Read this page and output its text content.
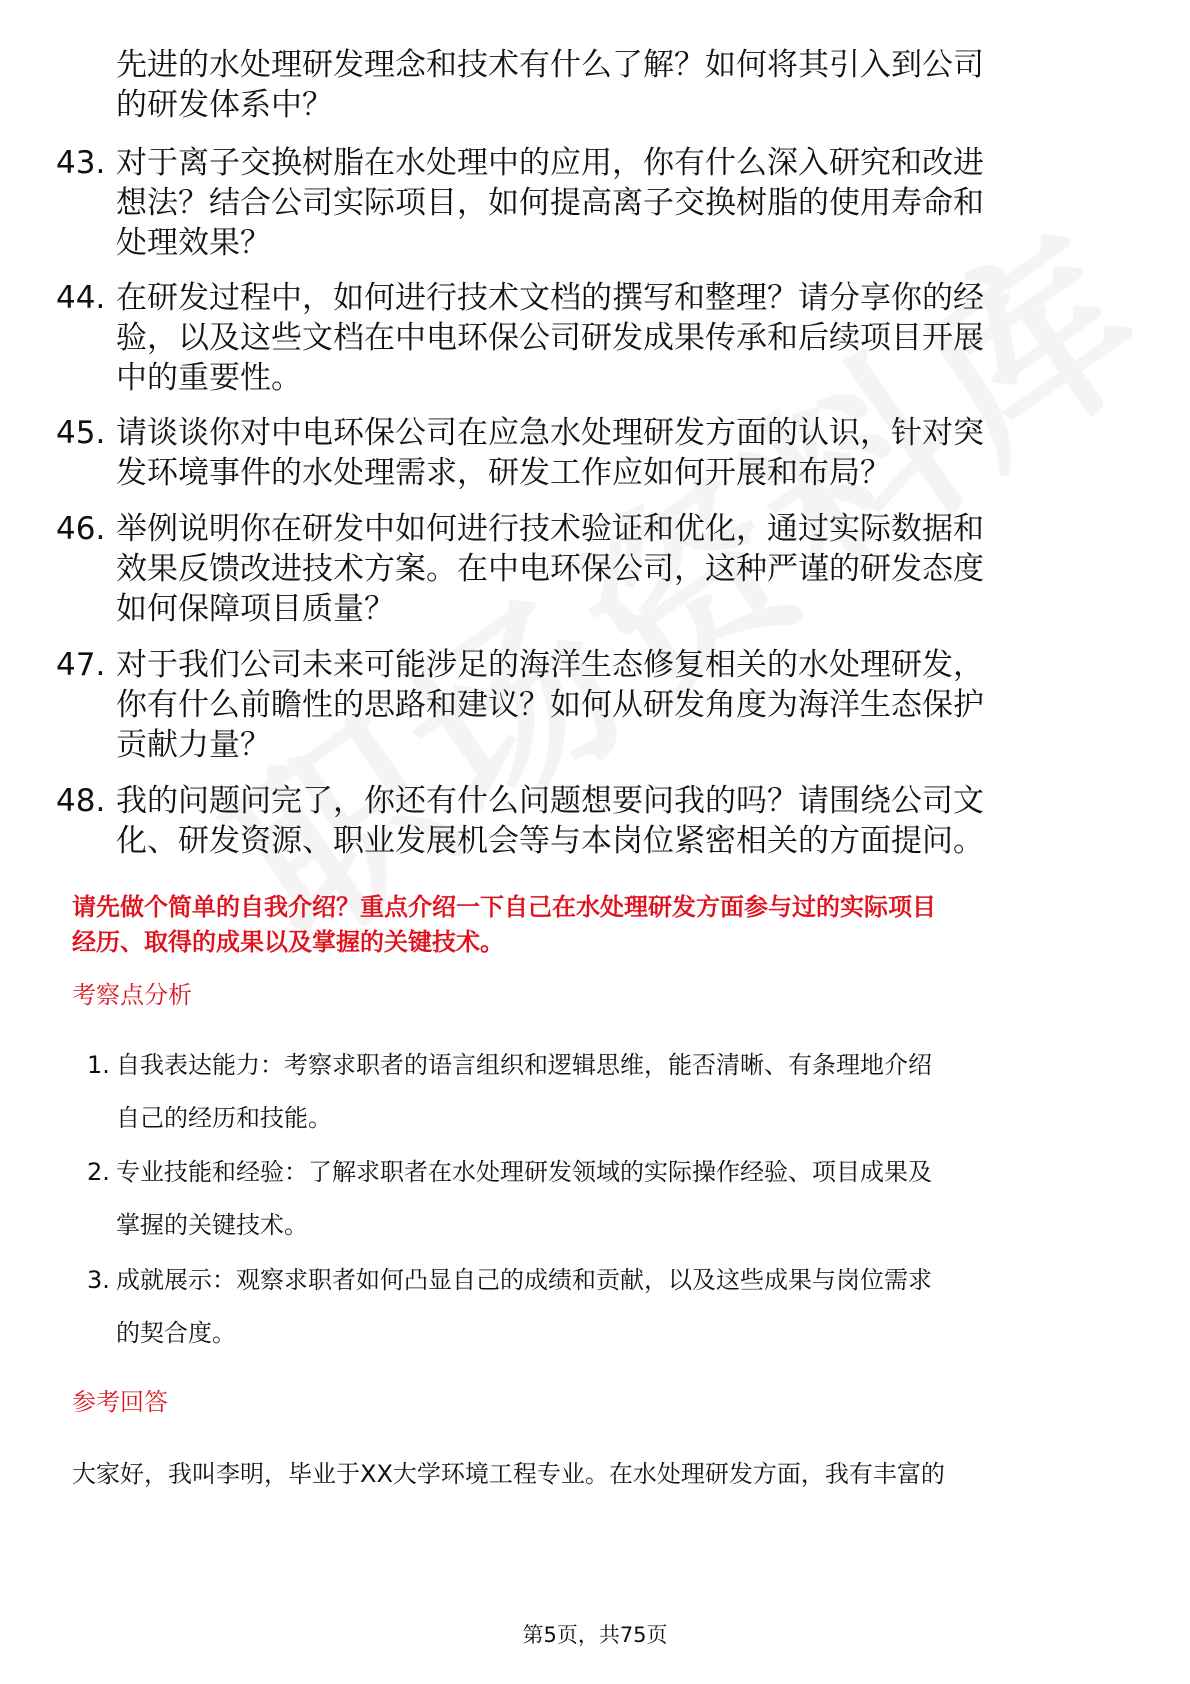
先进的水处理研发理念和技术有什么了解？如何将其引入到公司
的研发体系中？
43. 对于离子交换树脂在水处理中的应用，你有什么深入研究和改进
想法？结合公司实际项目，如何提高离子交换树脂的使用寿命和
处理效果？
44. 在研发过程中，如何进行技术文档的撰写和整理？请分享你的经
验，以及这些文档在中电环保公司研发成果传承和后续项目开展
中的重要性。
45. 请谈谈你对中电环保公司在应急水处理研发方面的认识，针对突
发环境事件的水处理需求，研发工作应如何开展和布局？
46. 举例说明你在研发中如何进行技术验证和优化，通过实际数据和
效果反馈改进技术方案。在中电环保公司，这种严谨的研发态度
如何保障项目质量？
47. 对于我们公司未来可能涉足的海洋生态修复相关的水处理研发，
你有什么前瞻性的思路和建议？如何从研发角度为海洋生态保护
贡献力量？
48. 我的问题问完了，你还有什么问题想要问我的吗？请围绕公司文
化、研发资源、职业发展机会等与本岗位紧密相关的方面提问。
请先做个简单的自我介绍？重点介绍一下自己在水处理研发方面参与过的实际项目
经历、取得的成果以及掌握的关键技术。
考察点分析
1. 自我表达能力：考察求职者的语言组织和逻辑思维，能否清晰、有条理地介绍
自己的经历和技能。
2. 专业技能和经验：了解求职者在水处理研发领域的实际操作经验、项目成果及
掌握的关键技术。
3. 成就展示：观察求职者如何凸显自己的成绩和贡献，以及这些成果与岗位需求
的契合度。
参考回答
大家好，我叫李明，毕业于XX大学环境工程专业。在水处理研发方面，我有丰富的
第5页，共75页
